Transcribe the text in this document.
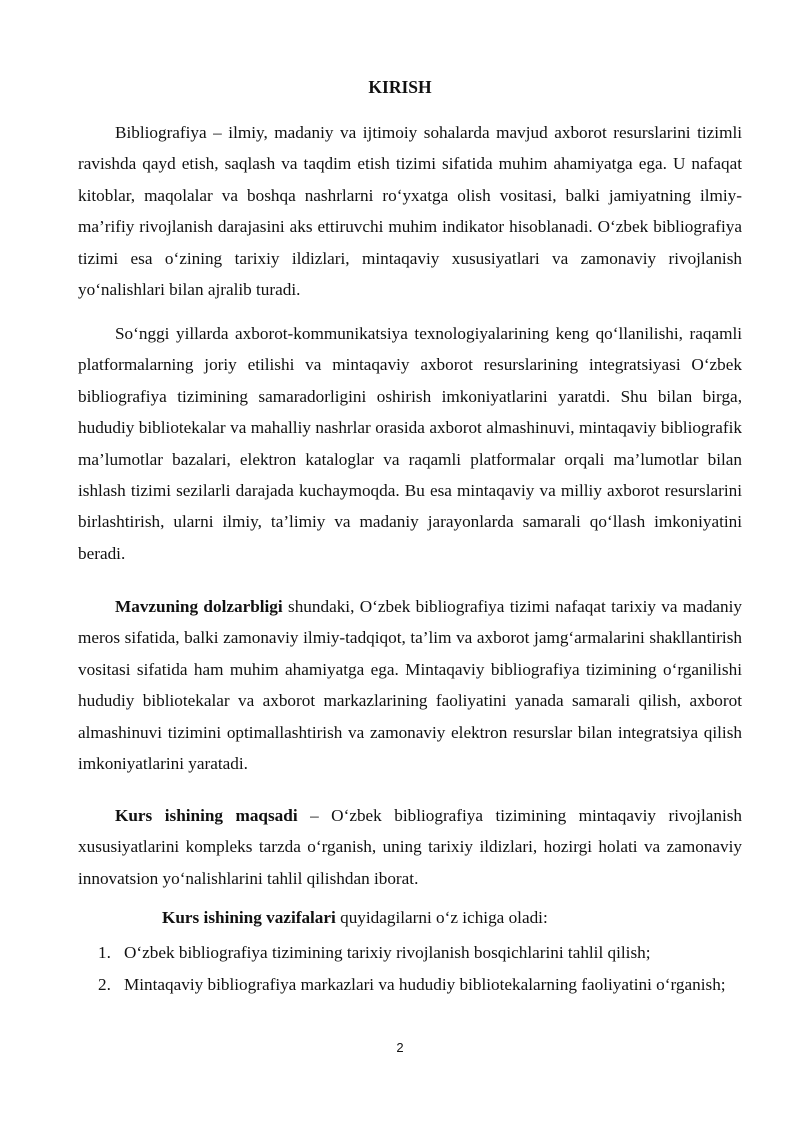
KIRISH

Bibliografiya – ilmiy, madaniy va ijtimoiy sohalarda mavjud axborot resurslarini tizimli ravishda qayd etish, saqlash va taqdim etish tizimi sifatida muhim ahamiyatga ega. U nafaqat kitoblar, maqolalar va boshqa nashrlarni ro‘yxatga olish vositasi, balki jamiyatning ilmiy-ma’rifiy rivojlanish darajasini aks ettiruvchi muhim indikator hisoblanadi. O‘zbek bibliografiya tizimi esa o‘zining tarixiy ildizlari, mintaqaviy xususiyatlari va zamonaviy rivojlanish yo‘nalishlari bilan ajralib turadi.

So‘nggi yillarda axborot-kommunikatsiya texnologiyalarining keng qo‘llanilishi, raqamli platformalarning joriy etilishi va mintaqaviy axborot resurslarining integratsiyasi O‘zbek bibliografiya tizimining samaradorligini oshirish imkoniyatlarini yaratdi. Shu bilan birga, hududiy bibliotekalar va mahalliy nashrlar orasida axborot almashinuvi, mintaqaviy bibliografik ma’lumotlar bazalari, elektron kataloglar va raqamli platformalar orqali ma’lumotlar bilan ishlash tizimi sezilarli darajada kuchaymoqda. Bu esa mintaqaviy va milliy axborot resurslarini birlashtirish, ularni ilmiy, ta’limiy va madaniy jarayonlarda samarali qo‘llash imkoniyatini beradi.

Mavzuning dolzarbligi shundaki, O‘zbek bibliografiya tizimi nafaqat tarixiy va madaniy meros sifatida, balki zamonaviy ilmiy-tadqiqot, ta’lim va axborot jamg‘armalarini shakllantirish vositasi sifatida ham muhim ahamiyatga ega. Mintaqaviy bibliografiya tizimining o‘rganilishi hududiy bibliotekalar va axborot markazlarining faoliyatini yanada samarali qilish, axborot almashinuvi tizimini optimallashtirish va zamonaviy elektron resurslar bilan integratsiya qilish imkoniyatlarini yaratadi.

Kurs ishining maqsadi – O‘zbek bibliografiya tizimining mintaqaviy rivojlanish xususiyatlarini kompleks tarzda o‘rganish, uning tarixiy ildizlari, hozirgi holati va zamonaviy innovatsion yo‘nalishlarini tahlil qilishdan iborat.

Kurs ishining vazifalari quyidagilarni o‘z ichiga oladi:
1. O‘zbek bibliografiya tizimining tarixiy rivojlanish bosqichlarini tahlil qilish;
2. Mintaqaviy bibliografiya markazlari va hududiy bibliotekalarning faoliyatini o‘rganish;
2
